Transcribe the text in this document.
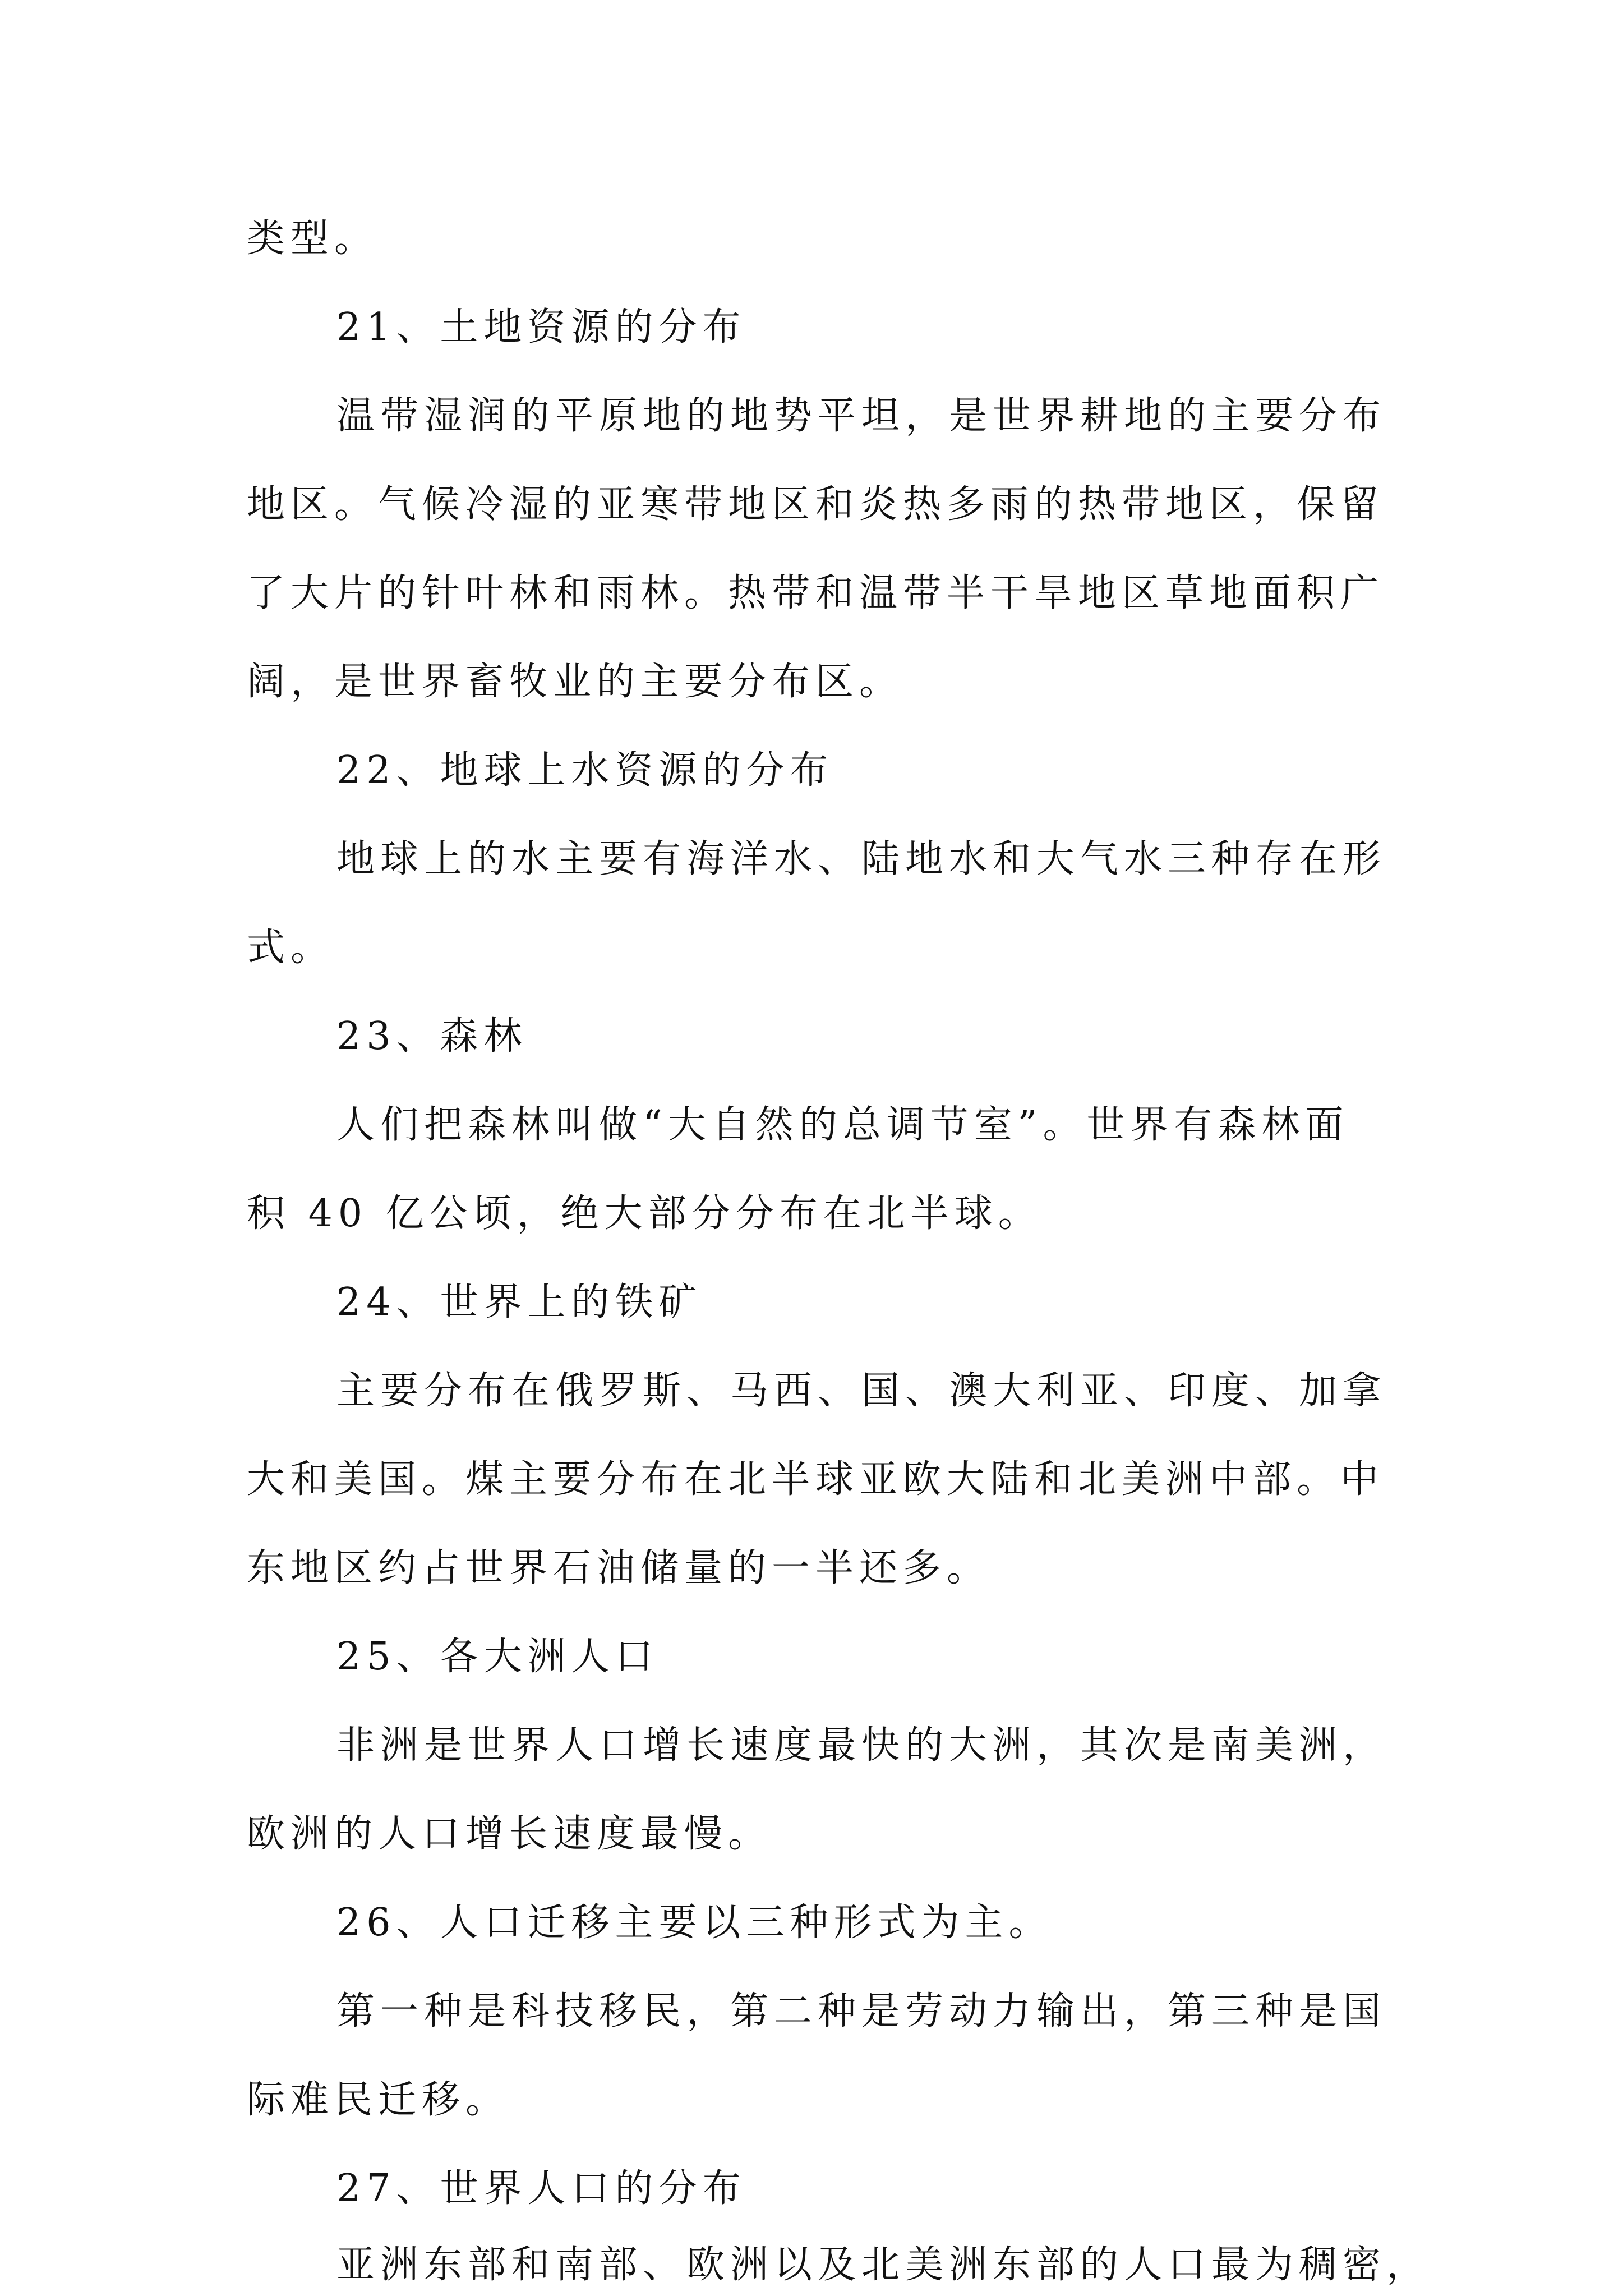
类型。
21、土地资源的分布
温带湿润的平原地的地势平坦，是世界耕地的主要分布
地区。气候冷湿的亚寒带地区和炎热多雨的热带地区，保留
了大片的针叶林和雨林。热带和温带半干旱地区草地面积广
阔，是世界畜牧业的主要分布区。
22、地球上水资源的分布
地球上的水主要有海洋水、陆地水和大气水三种存在形
式。
23、森林
人们把森林叫做“大自然的总调节室”。世界有森林面
积 40 亿公顷，绝大部分分布在北半球。
24、世界上的铁矿
主要分布在俄罗斯、马西、国、澳大利亚、印度、加拿
大和美国。煤主要分布在北半球亚欧大陆和北美洲中部。中
东地区约占世界石油储量的一半还多。
25、各大洲人口
非洲是世界人口增长速度最快的大洲，其次是南美洲，
欧洲的人口增长速度最慢。
26、人口迁移主要以三种形式为主。
第一种是科技移民，第二种是劳动力输出，第三种是国
际难民迁移。
27、世界人口的分布
亚洲东部和南部、欧洲以及北美洲东部的人口最为稠密，
